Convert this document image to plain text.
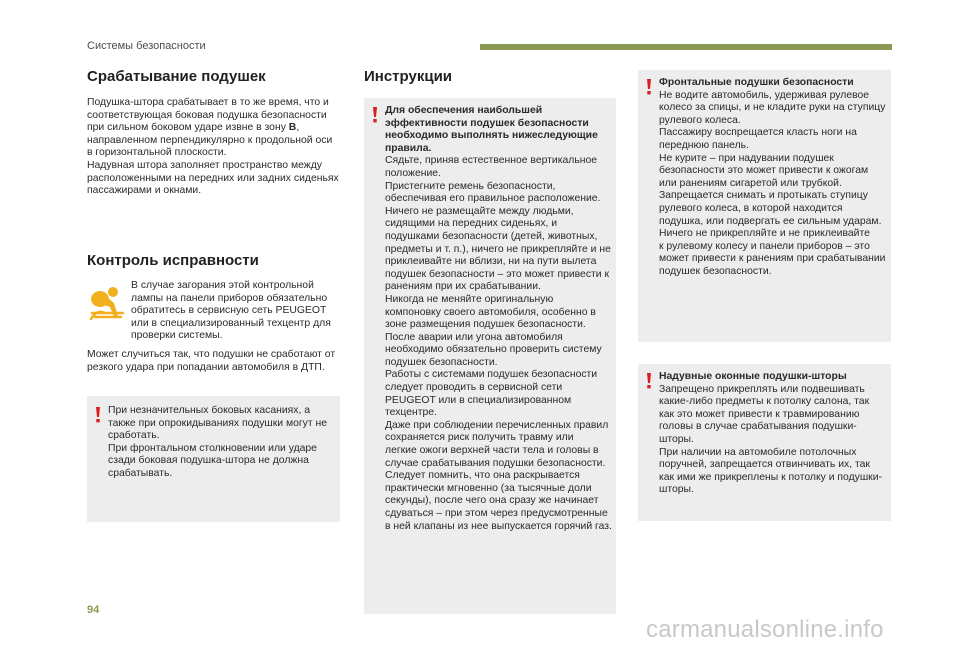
Системы безопасности
Срабатывание подушек
Подушка-штора срабатывает в то же время, что и
соответствующая боковая подушка безопасности
при сильном боковом ударе извне в зону B,
направленном перпендикулярно к продольной оси
в горизонтальной плоскости.
Надувная штора заполняет пространство между
расположенными на передних или задних сиденьях
пассажирами и окнами.
Контроль исправности
В случае загорания этой контрольной
лампы на панели приборов обязательно
обратитесь в сервисную сеть PEUGEOT
или в специализированный техцентр для
проверки системы.
Может случиться так, что подушки не сработают от
резкого удара при попадании автомобиля в ДТП.
При незначительных боковых касаниях, а
также при опрокидываниях подушки могут не
сработать.
При фронтальном столкновении или ударе
сзади боковая подушка-штора не должна
срабатывать.
Инструкции
Для обеспечения наибольшей
эффективности подушек безопасности
необходимо выполнять нижеследующие
правила.
Сядьте, приняв естественное вертикальное
положение.
Пристегните ремень безопасности,
обеспечивая его правильное расположение.
Ничего не размещайте между людьми,
сидящими на передних сиденьях, и
подушками безопасности (детей, животных,
предметы и т. п.), ничего не прикрепляйте и не
приклеивайте ни вблизи, ни на пути вылета
подушек безопасности – это может привести к
ранениям при их срабатывании.
Никогда не меняйте оригинальную
компоновку своего автомобиля, особенно в
зоне размещения подушек безопасности.
После аварии или угона автомобиля
необходимо обязательно проверить систему
подушек безопасности.
Работы с системами подушек безопасности
следует проводить в сервисной сети
PEUGEOT или в специализированном
техцентре.
Даже при соблюдении перечисленных правил
сохраняется риск получить травму или
легкие ожоги верхней части тела и головы в
случае срабатывания подушки безопасности.
Следует помнить, что она раскрывается
практически мгновенно (за тысячные доли
секунды), после чего она сразу же начинает
сдуваться – при этом через предусмотренные
в ней клапаны из нее выпускается горячий газ.
Фронтальные подушки безопасности
Не водите автомобиль, удерживая рулевое
колесо за спицы, и не кладите руки на ступицу
рулевого колеса.
Пассажиру воспрещается класть ноги на
переднюю панель.
Не курите – при надувании подушек
безопасности это может привести к ожогам
или ранениям сигаретой или трубкой.
Запрещается снимать и протыкать ступицу
рулевого колеса, в которой находится
подушка, или подвергать ее сильным ударам.
Ничего не прикрепляйте и не приклеивайте
к рулевому колесу и панели приборов – это
может привести к ранениям при срабатывании
подушек безопасности.
Надувные оконные подушки-шторы
Запрещено прикреплять или подвешивать
какие-либо предметы к потолку салона, так
как это может привести к травмированию
головы в случае срабатывания подушки-
шторы.
При наличии на автомобиле потолочных
поручней, запрещается отвинчивать их, так
как ими же прикреплены к потолку и подушки-
шторы.
94
carmanualsonline.info
